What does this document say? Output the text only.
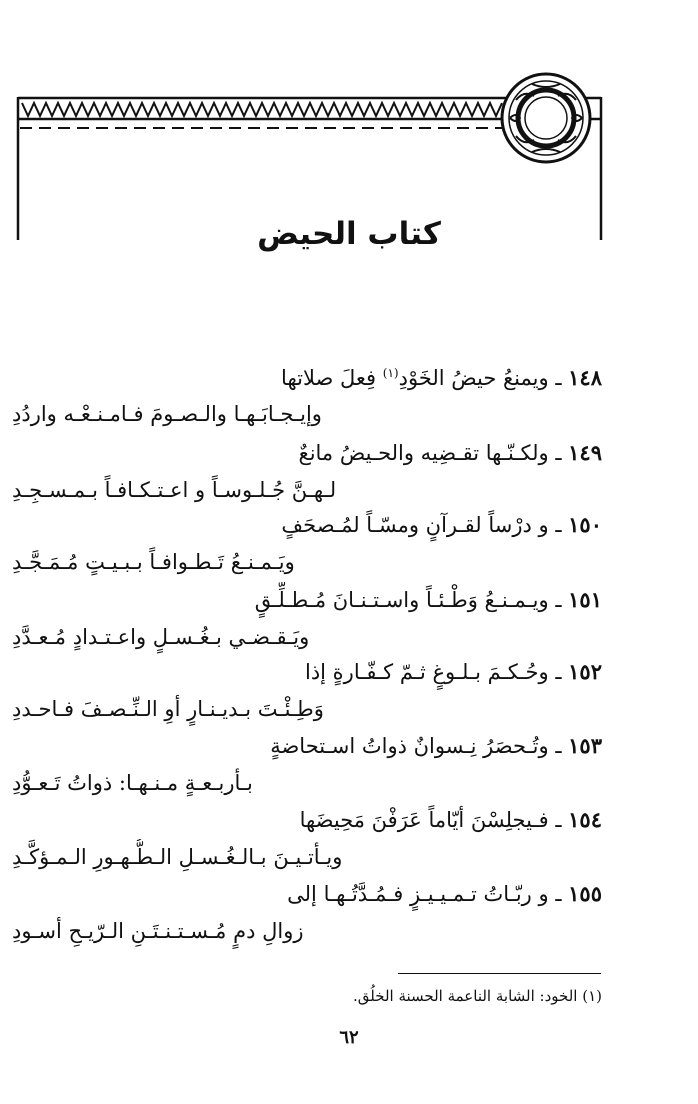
كتاب الحيض
١٤٨ ـ ويمنعُ حيضُ الخَوْدِ$^{(١)}$ فِعلَ صلاتها
وإيـجـابَـهـا والـصـومَ فـامـنـعْـه واردُدِ
١٤٩ ـ ولكـنّـها تقـضِيه والحـيضُ مانعٌ
لـهـنَّ جُـلـوسـاً و اعـتـكـافـاً بـمـسـجِـدِ
١٥٠ ـ و درْساً لقـرآنٍ ومسّـاً لمُـصحَفٍ
ويَـمـنـعُ تَـطـوافـاً بـبـيـتٍ مُـمَـجَّـدِ
١٥١ ـ ويـمـنـعُ وَطْـئـاً واسـتـنـانَ مُـطـلِّـقٍ
ويَـقـضـي بـغُـسـلٍ واعـتـدادٍ مُـعـدَّدِ
١٥٢ ـ وحُـكـمَ بـلـوغٍ ثـمّ كـفّـارةٍ إذا
وَطِـئْـتَ بـديـنـارٍ أوِ الـنِّـصـفَ فـاحـددِ
١٥٣ ـ وتُـحصَرُ نِـسوانٌ ذواتُ اسـتحاضةٍ
بـأربـعـةٍ مـنـهـا: ذواتُ تَـعـوُّدِ
١٥٤ ـ فـيجلِسْنَ أيّاماً عَرَفْنَ مَحِيضَها
ويـأتـيـنَ بـالـغُـسـلِ الـطُّـهـورِ الـمـؤكَّـدِ
١٥٥ ـ و ربّـاتُ تـمـيـيـزٍ فـمُـدَّتُـهـا إلى
زوالِ دمٍ مُـسـتـنـتَـنِ الـرّيـحِ أسـودِ
(١) الخود: الشابة الناعمة الحسنة الخلُق.
٦٢
